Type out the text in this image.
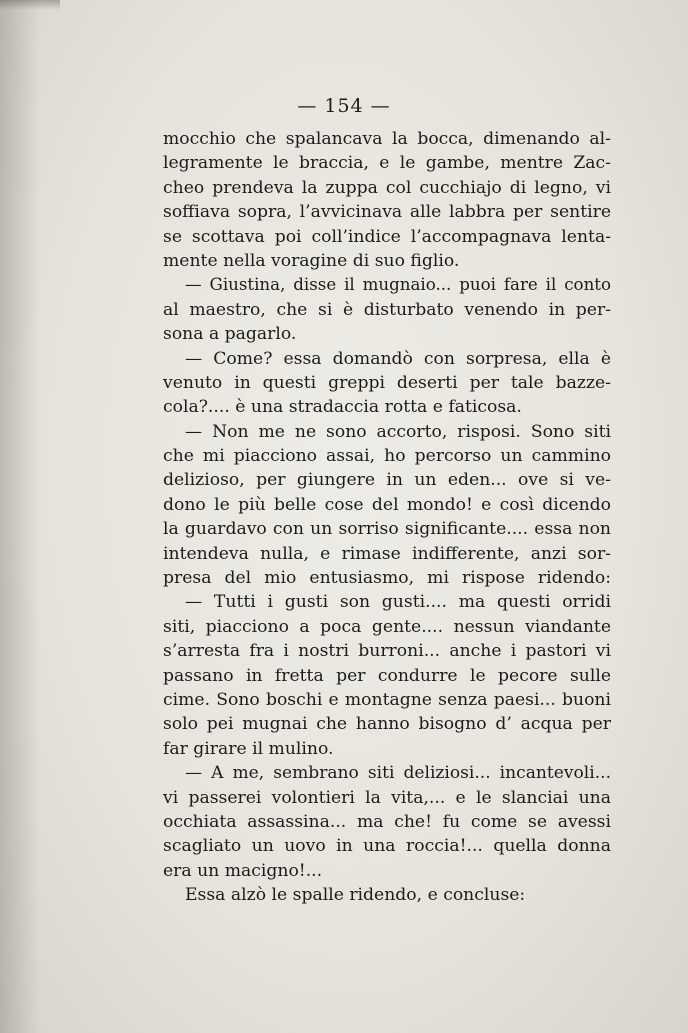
— 154 —
mocchio che spalancava la bocca, dimenando al-
legramente le braccia, e le gambe, mentre Zac-
cheo prendeva la zuppa col cucchiajo di legno, vi
soffiava sopra, l’avvicinava alle labbra per sentire
se scottava poi coll’indice l’accompagnava lenta-
mente nella voragine di suo figlio.
— Giustina, disse il mugnaio... puoi fare il conto
al maestro, che si è disturbato venendo in per-
sona a pagarlo.
— Come? essa domandò con sorpresa, ella è
venuto in questi greppi deserti per tale bazze-
cola?.... è una stradaccia rotta e faticosa.
— Non me ne sono accorto, risposi. Sono siti
che mi piacciono assai, ho percorso un cammino
delizioso, per giungere in un eden... ove si ve-
dono le più belle cose del mondo! e così dicendo
la guardavo con un sorriso significante.... essa non
intendeva nulla, e rimase indifferente, anzi sor-
presa del mio entusiasmo, mi rispose ridendo:
— Tutti i gusti son gusti.... ma questi orridi
siti, piacciono a poca gente.... nessun viandante
s’arresta fra i nostri burroni... anche i pastori vi
passano in fretta per condurre le pecore sulle
cime. Sono boschi e montagne senza paesi... buoni
solo pei mugnai che hanno bisogno d’ acqua per
far girare il mulino.
— A me, sembrano siti deliziosi... incantevoli...
vi passerei volontieri la vita,... e le slanciai una
occhiata assassina... ma che! fu come se avessi
scagliato un uovo in una roccia!... quella donna
era un macigno!...
Essa alzò le spalle ridendo, e concluse:
